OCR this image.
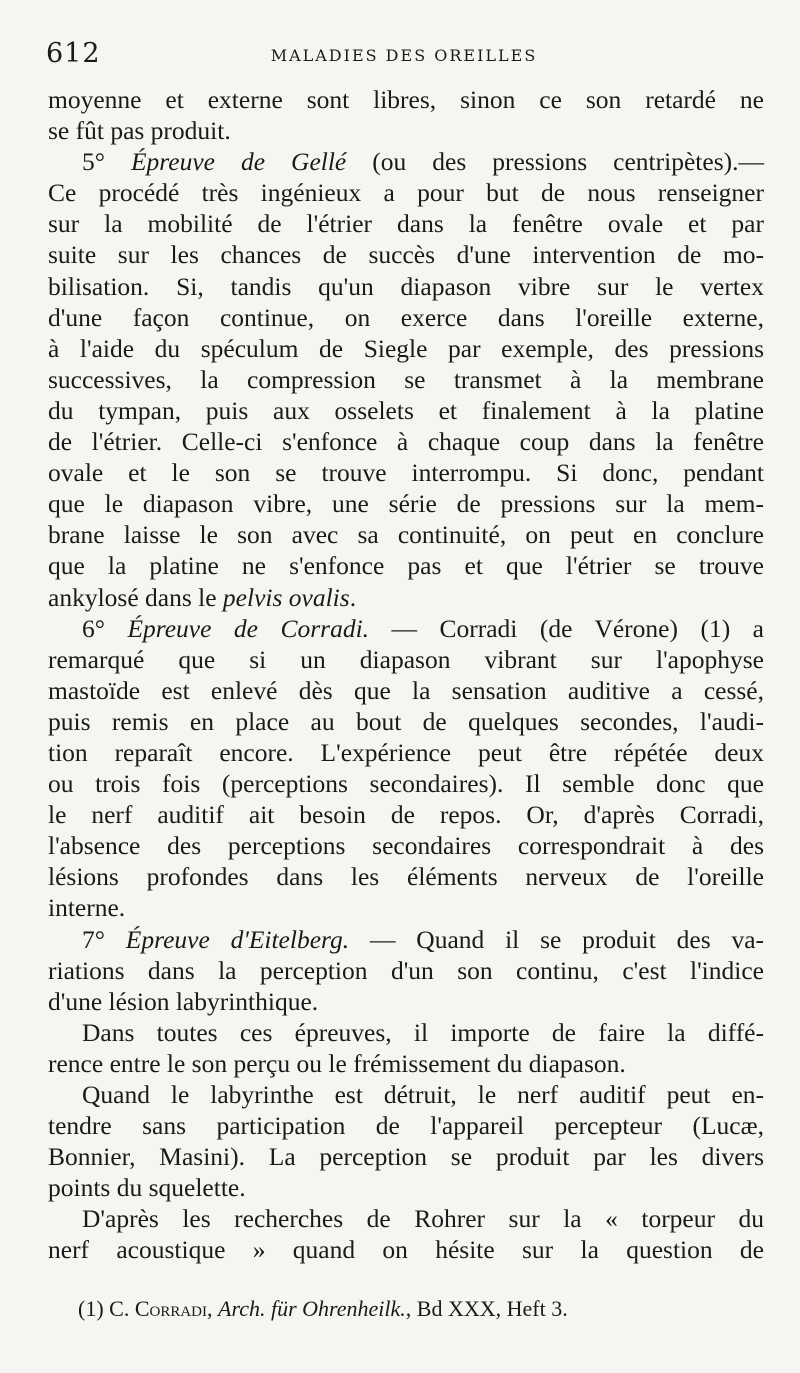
612	MALADIES DES OREILLES
moyenne et externe sont libres, sinon ce son retardé ne
se fût pas produit.
5° Épreuve de Gellé (ou des pressions centripètes).—
Ce procédé très ingénieux a pour but de nous renseigner
sur la mobilité de l'étrier dans la fenêtre ovale et par
suite sur les chances de succès d'une intervention de mo-
bilisation. Si, tandis qu'un diapason vibre sur le vertex
d'une façon continue, on exerce dans l'oreille externe,
à l'aide du spéculum de Siegle par exemple, des pressions
successives, la compression se transmet à la membrane
du tympan, puis aux osselets et finalement à la platine
de l'étrier. Celle-ci s'enfonce à chaque coup dans la fenêtre
ovale et le son se trouve interrompu. Si donc, pendant
que le diapason vibre, une série de pressions sur la mem-
brane laisse le son avec sa continuité, on peut en conclure
que la platine ne s'enfonce pas et que l'étrier se trouve
ankylosé dans le pelvis ovalis.
6° Épreuve de Corradi. — Corradi (de Vérone) (1) a
remarqué que si un diapason vibrant sur l'apophyse
mastoïde est enlevé dès que la sensation auditive a cessé,
puis remis en place au bout de quelques secondes, l'audi-
tion reparaît encore. L'expérience peut être répétée deux
ou trois fois (perceptions secondaires). Il semble donc que
le nerf auditif ait besoin de repos. Or, d'après Corradi,
l'absence des perceptions secondaires correspondrait à des
lésions profondes dans les éléments nerveux de l'oreille
interne.
7° Épreuve d'Eitelberg. — Quand il se produit des va-
riations dans la perception d'un son continu, c'est l'indice
d'une lésion labyrinthique.
Dans toutes ces épreuves, il importe de faire la diffé-
rence entre le son perçu ou le frémissement du diapason.
Quand le labyrinthe est détruit, le nerf auditif peut en-
tendre sans participation de l'appareil percepteur (Lucæ,
Bonnier, Masini). La perception se produit par les divers
points du squelette.
D'après les recherches de Rohrer sur la « torpeur du
nerf acoustique » quand on hésite sur la question de
(1) C. Corradi, Arch. für Ohrenheilk., Bd XXX, Heft 3.
